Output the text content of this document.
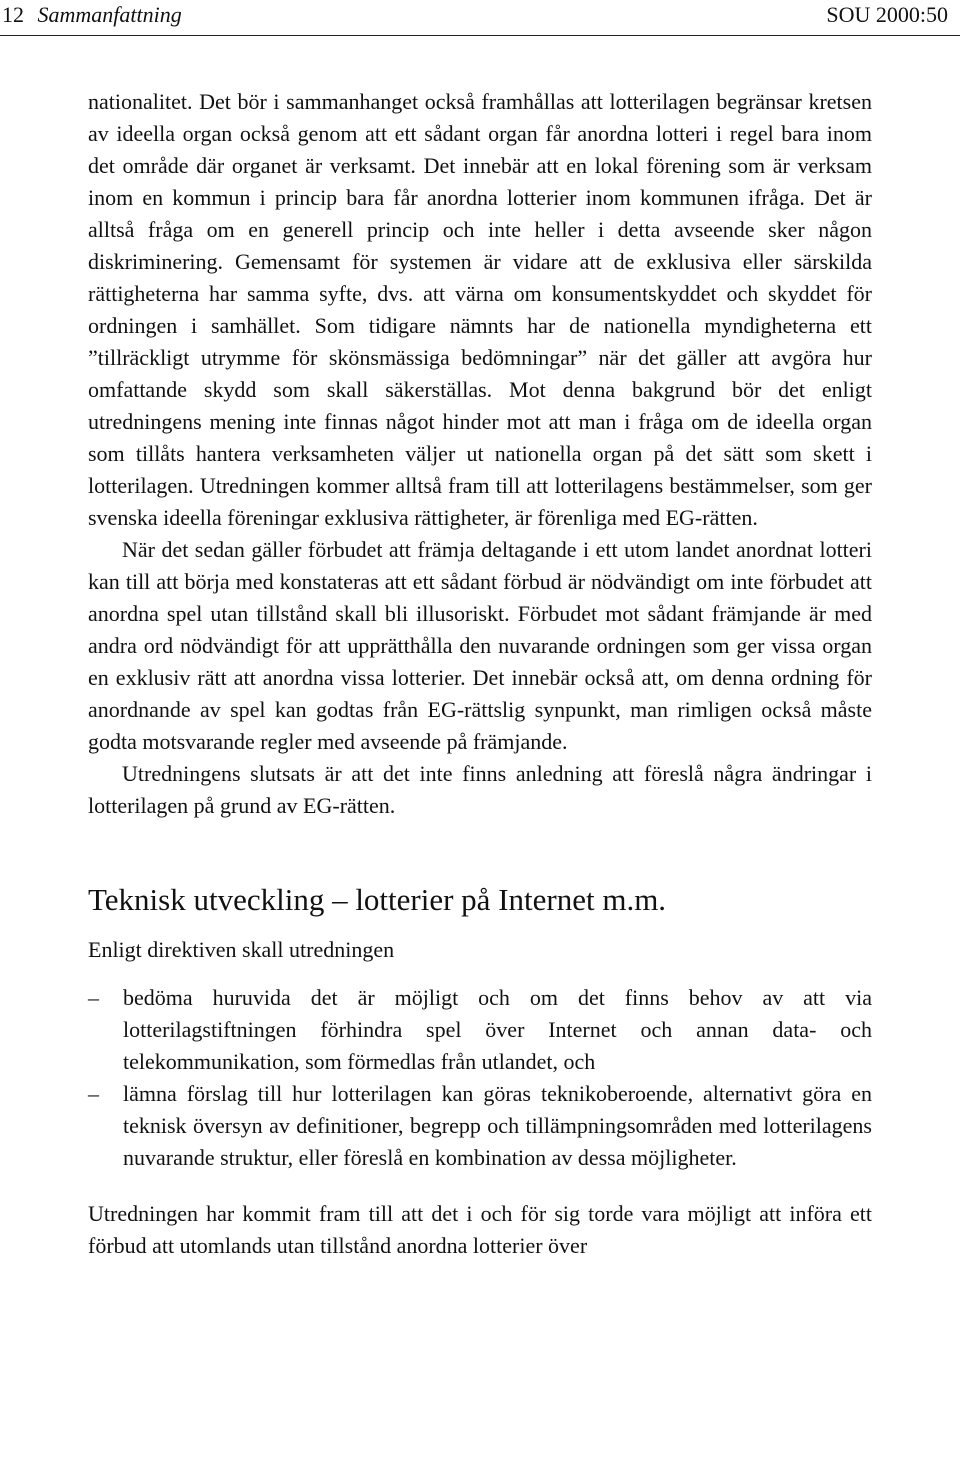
12 Sammanfattning	SOU 2000:50

nationalitet. Det bör i sammanhanget också framhållas att lotterilagen begränsar kretsen av ideella organ också genom att ett sådant organ får anordna lotteri i regel bara inom det område där organet är verksamt. Det innebär att en lokal förening som är verksam inom en kommun i princip bara får anordna lotterier inom kommunen ifråga. Det är alltså fråga om en generell princip och inte heller i detta avseende sker någon diskriminering. Gemensamt för systemen är vidare att de exklusiva eller särskilda rättigheterna har samma syfte, dvs. att värna om konsumentskyddet och skyddet för ordningen i samhället. Som tidigare nämnts har de nationella myndigheterna ett ”tillräckligt utrymme för skönsmässiga bedömningar” när det gäller att avgöra hur omfattande skydd som skall säkerställas. Mot denna bakgrund bör det enligt utredningens mening inte finnas något hinder mot att man i fråga om de ideella organ som tillåts hantera verksamheten väljer ut nationella organ på det sätt som skett i lotterilagen. Utredningen kommer alltså fram till att lotterilagens bestämmelser, som ger svenska ideella föreningar exklusiva rättigheter, är förenliga med EG-rätten.

När det sedan gäller förbudet att främja deltagande i ett utom landet anordnat lotteri kan till att börja med konstateras att ett sådant förbud är nödvändigt om inte förbudet att anordna spel utan tillstånd skall bli illusoriskt. Förbudet mot sådant främjande är med andra ord nödvändigt för att upprätthålla den nuvarande ordningen som ger vissa organ en exklusiv rätt att anordna vissa lotterier. Det innebär också att, om denna ordning för anordnande av spel kan godtas från EG-rättslig synpunkt, man rimligen också måste godta motsvarande regler med avseende på främjande.

Utredningens slutsats är att det inte finns anledning att föreslå några ändringar i lotterilagen på grund av EG-rätten.

Teknisk utveckling – lotterier på Internet m.m.

Enligt direktiven skall utredningen

– bedöma huruvida det är möjligt och om det finns behov av att via lotterilagstiftningen förhindra spel över Internet och annan data- och telekommunikation, som förmedlas från utlandet, och
– lämna förslag till hur lotterilagen kan göras teknikoberoende, alternativt göra en teknisk översyn av definitioner, begrepp och tillämpningsområden med lotterilagens nuvarande struktur, eller föreslå en kombination av dessa möjligheter.

Utredningen har kommit fram till att det i och för sig torde vara möjligt att införa ett förbud att utomlands utan tillstånd anordna lotterier över
